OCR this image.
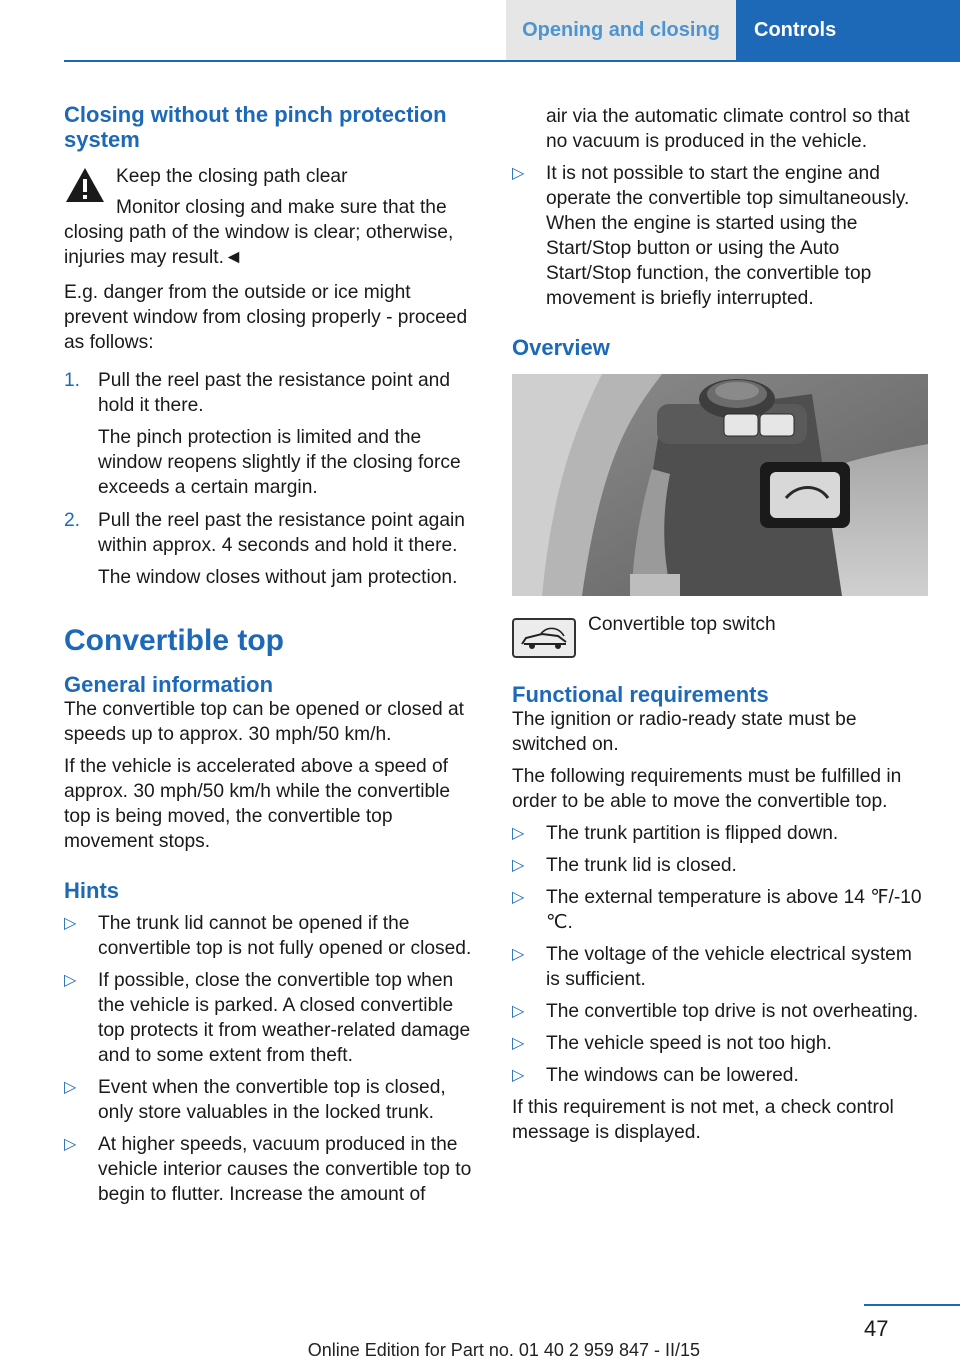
Opening and closing	Controls
Closing without the pinch protection system

Keep the closing path clear

Monitor closing and make sure that the

closing path of the window is clear; otherwise, injuries may result.◄

E.g. danger from the outside or ice might prevent window from closing properly - proceed as follows:

1. Pull the reel past the resistance point and hold it there.

The pinch protection is limited and the window reopens slightly if the closing force exceeds a certain margin.

2. Pull the reel past the resistance point again within approx. 4 seconds and hold it there.

The window closes without jam protection.

Convertible top
General information

The convertible top can be opened or closed at speeds up to approx. 30 mph/50 km/h.

If the vehicle is accelerated above a speed of approx. 30 mph/50 km/h while the convertible top is being moved, the convertible top movement stops.

Hints
▷ The trunk lid cannot be opened if the convertible top is not fully opened or closed.
▷ If possible, close the convertible top when the vehicle is parked. A closed convertible top protects it from weather-related damage and to some extent from theft.
▷ Event when the convertible top is closed, only store valuables in the locked trunk.
▷ At higher speeds, vacuum produced in the vehicle interior causes the convertible top to begin to flutter. Increase the amount of

air via the automatic climate control so that no vacuum is produced in the vehicle.

▷ It is not possible to start the engine and operate the convertible top simultaneously. When the engine is started using the Start/Stop button or using the Auto Start/Stop function, the convertible top movement is briefly interrupted.
Overview

Convertible top switch

Functional requirements

The ignition or radio-ready state must be switched on.

The following requirements must be fulfilled in order to be able to move the convertible top.

▷ The trunk partition is flipped down.
▷ The trunk lid is closed.
▷ The external temperature is above 14 ℉/-10 ℃.
▷ The voltage of the vehicle electrical system is sufficient.
▷ The convertible top drive is not overheating.
▷ The vehicle speed is not too high.
▷ The windows can be lowered.

If this requirement is not met, a check control message is displayed.

47
Online Edition for Part no. 01 40 2 959 847 - II/15
